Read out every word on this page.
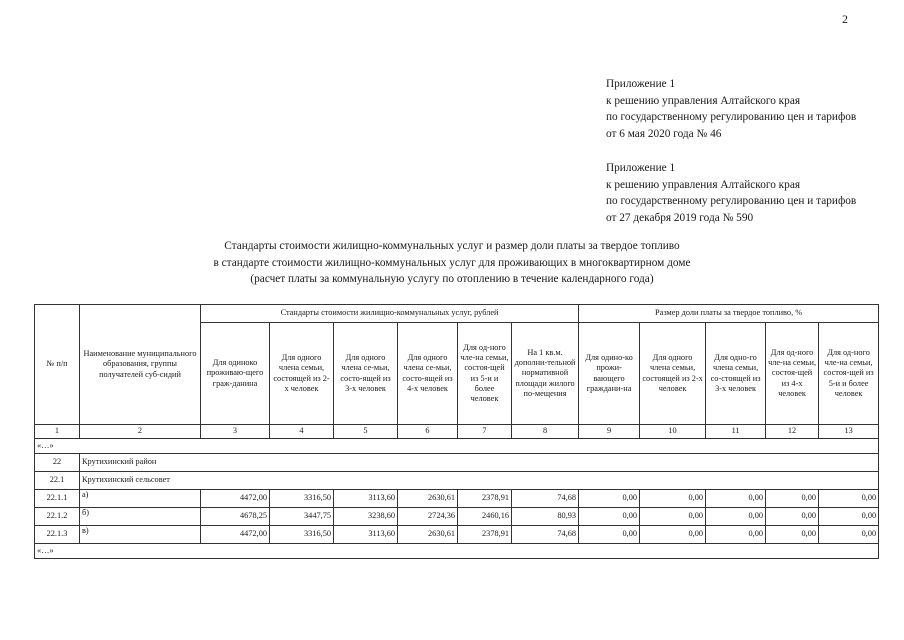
2
Приложение 1
к решению управления Алтайского края
по государственному регулированию цен и тарифов
от 6 мая 2020 года № 46
Приложение 1
к решению управления Алтайского края
по государственному регулированию цен и тарифов
от 27 декабря 2019 года № 590
Стандарты стоимости жилищно-коммунальных услуг и размер доли платы за твердое топливо
в стандарте стоимости жилищно-коммунальных услуг для проживающих в многоквартирном доме
(расчет платы за коммунальную услугу по отоплению в течение календарного года)
№ п/п	Наименование муниципального образования, группы получателей суб-сидий	Стандарты стоимости жилищно-коммунальных услуг, рублей						Размер доли платы за твердое топливо, %				
		Для одиноко проживаю-щего граж-данина	Для одного члена семьи, состоящей из 2-х человек	Для одного члена се-мьи, состо-ящей из 3-х человек	Для одного члена се-мьи, состо-ящей из 4-х человек	Для од-ного чле-на семьи, состоя-щей из 5-и и более человек	На 1 кв.м. дополни-тельной нормативной площади жилого по-мещения	Для одино-ко прожи-вающего граждани-на	Для одного члена семьи, состоящей из 2-х человек	Для одно-го члена семьи, со-стоящей из 3-х человек	Для од-ного чле-на семьи, состоя-щей из 4-х человек	Для од-ного чле-на семьи, состоя-щей из 5-и и более человек
1	2	3	4	5	6	7	8	9	10	11	12	13
«…»												
22	Крутихинский район											
22.1	Крутихинский сельсовет											
22.1.1	а)	4472,00	3316,50	3113,60	2630,61	2378,91	74,68	0,00	0,00	0,00	0,00	0,00
22.1.2	б)	4678,25	3447,75	3238,60	2724,36	2460,16	80,93	0,00	0,00	0,00	0,00	0,00
22.1.3	в)	4472,00	3316,50	3113,60	2630,61	2378,91	74,68	0,00	0,00	0,00	0,00	0,00
«…»												
